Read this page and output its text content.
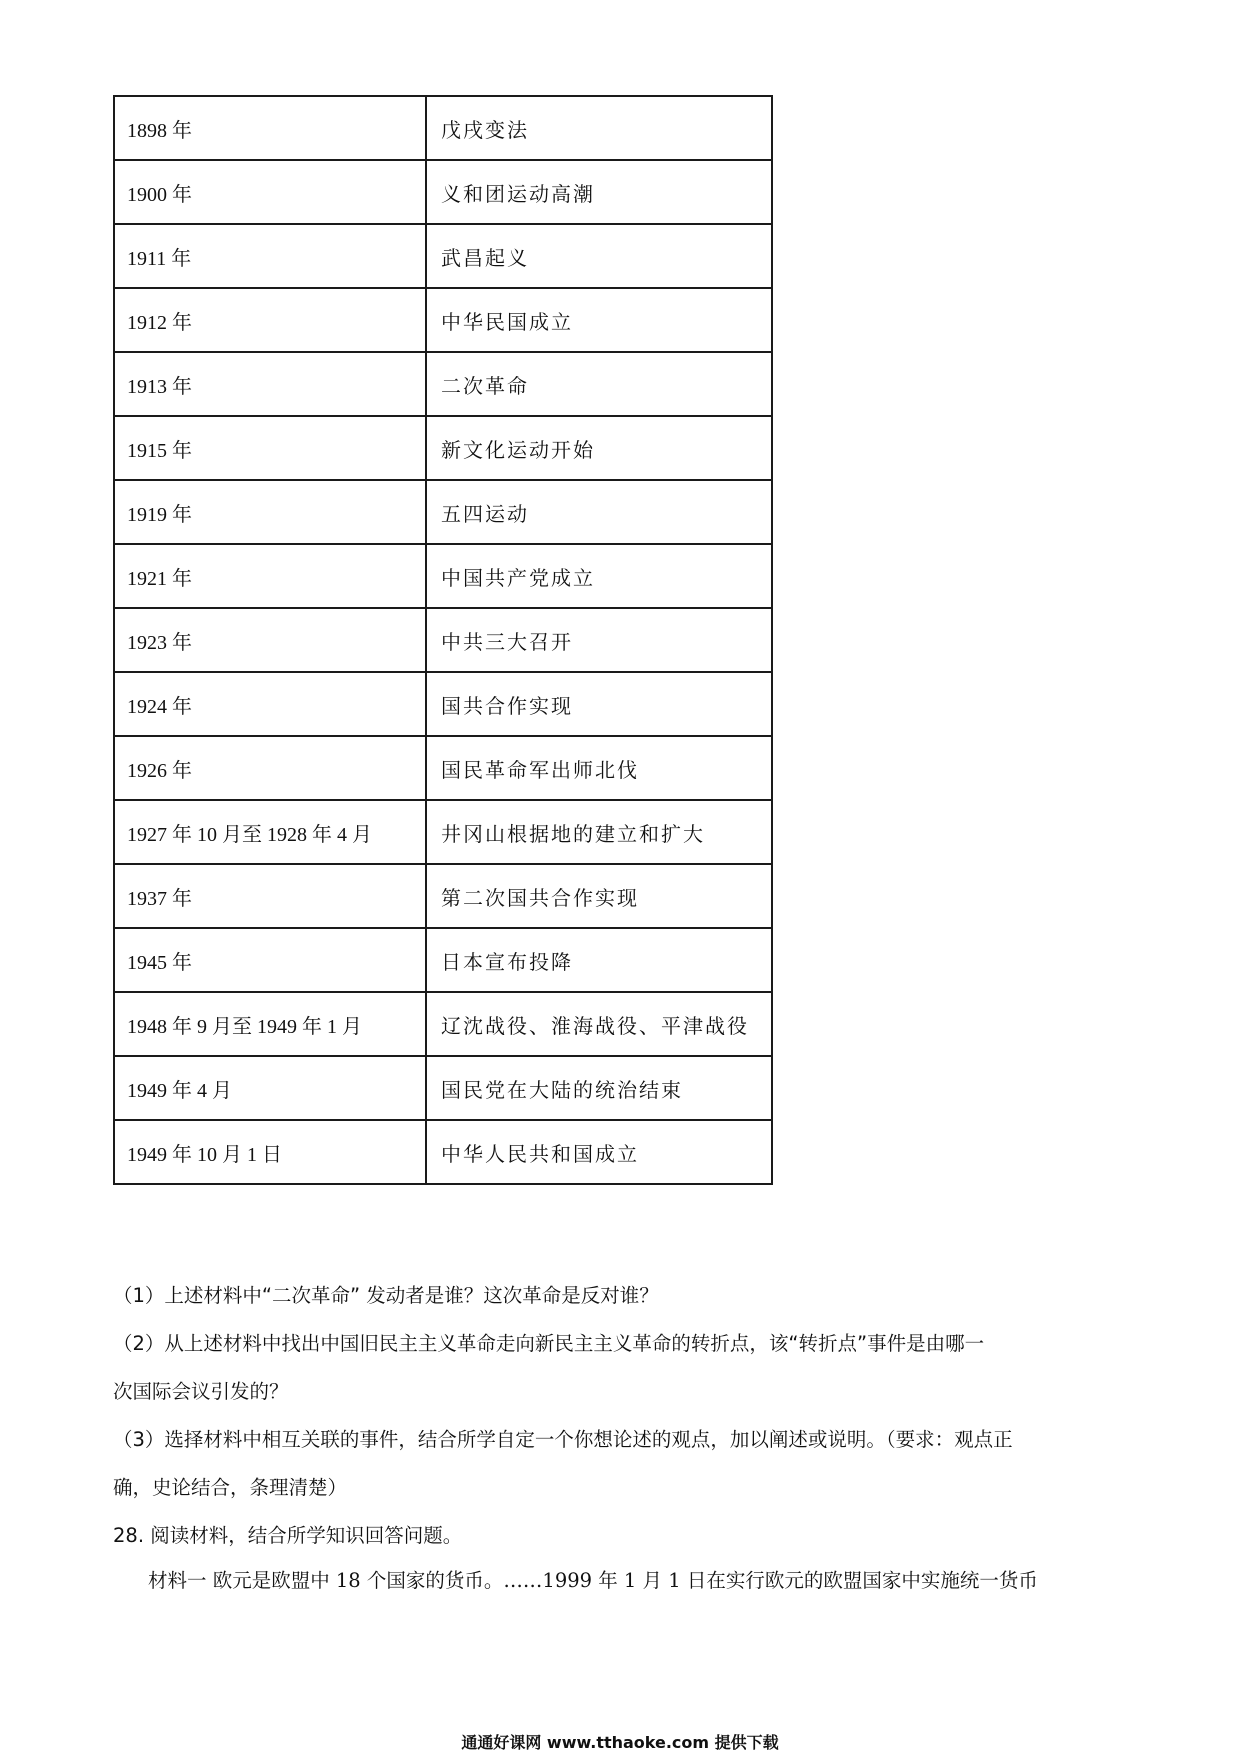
1898 年	戊戌变法
1900 年	义和团运动高潮
1911 年	武昌起义
1912 年	中华民国成立
1913 年	二次革命
1915 年	新文化运动开始
1919 年	五四运动
1921 年	中国共产党成立
1923 年	中共三大召开
1924 年	国共合作实现
1926 年	国民革命军出师北伐
1927 年 10 月至 1928 年 4 月	井冈山根据地的建立和扩大
1937 年	第二次国共合作实现
1945 年	日本宣布投降
1948 年 9 月至 1949 年 1 月	辽沈战役、淮海战役、平津战役
1949 年 4 月	国民党在大陆的统治结束
1949 年 10 月 1 日	中华人民共和国成立

（1）上述材料中“二次革命” 发动者是谁？这次革命是反对谁？

（2）从上述材料中找出中国旧民主主义革命走向新民主主义革命的转折点，该“转折点”事件是由哪一

次国际会议引发的？

（3）选择材料中相互关联的事件，结合所学自定一个你想论述的观点，加以阐述或说明。（要求：观点正

确，史论结合，条理清楚）

28. 阅读材料，结合所学知识回答问题。

材料一 欧元是欧盟中 18 个国家的货币。……1999 年 1 月 1 日在实行欧元的欧盟国家中实施统一货币
通通好课网 www.tthaoke.com 提供下载
